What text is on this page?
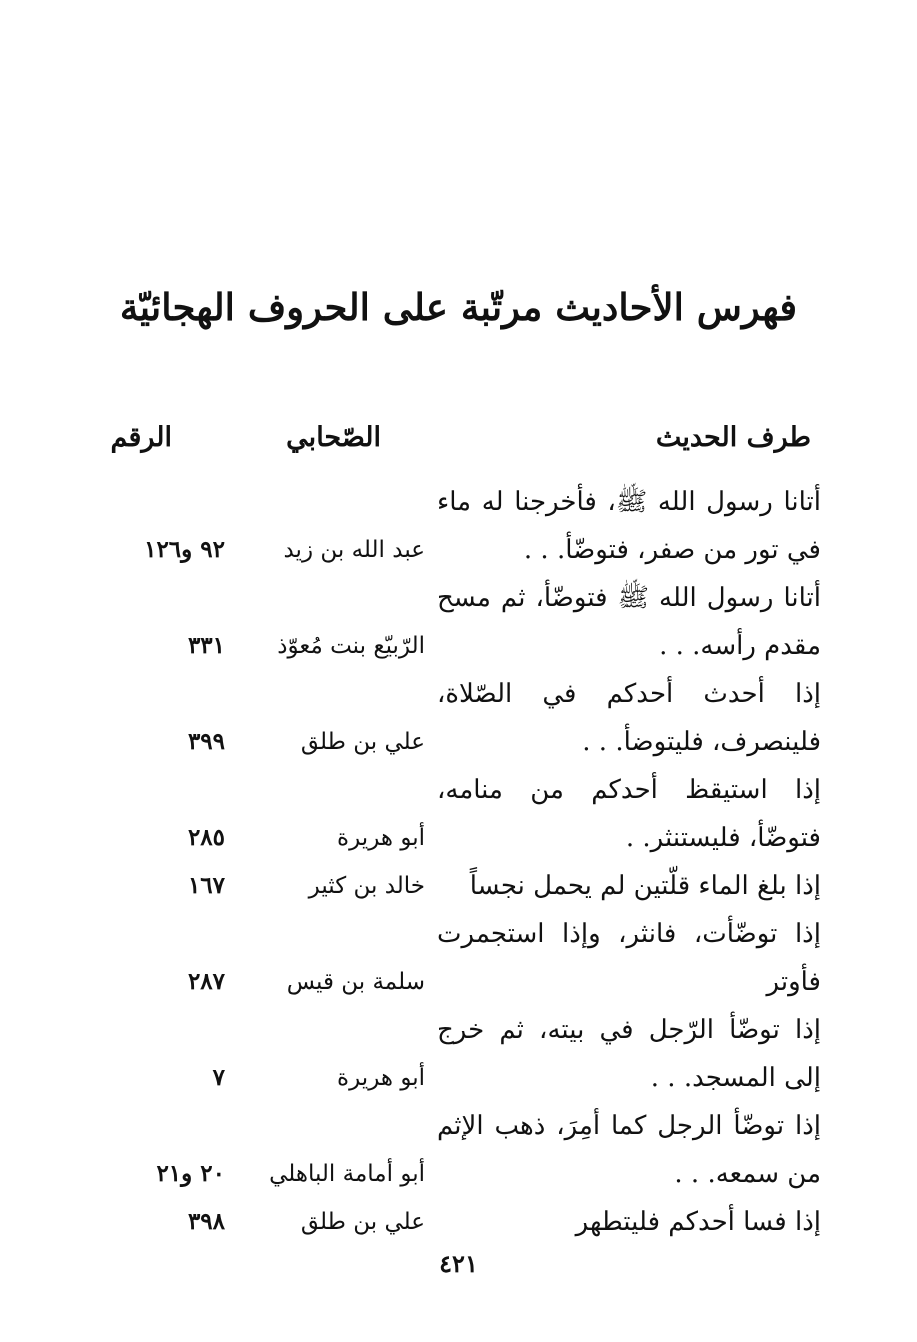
فهرس الأحاديث مرتّبة على الحروف الهجائيّة
طرف الحديث
الصّحابي
الرقم
أتانا رسول الله ﷺ، فأخرجنا له ماء في تور من صفر، فتوضّأ. . .
عبد الله بن زيد
٩٢ و١٢٦
أتانا رسول الله ﷺ فتوضّأ، ثم مسح مقدم رأسه. . .
الرّبيّع بنت مُعوّذ
٣٣١
إذا أحدث أحدكم في الصّلاة، فلينصرف، فليتوضأ. . .
علي بن طلق
٣٩٩
إذا استيقظ أحدكم من منامه، فتوضّأ، فليستنثر. .
أبو هريرة
٢٨٥
إذا بلغ الماء قلّتين لم يحمل نجساً
خالد بن كثير
١٦٧
إذا توضّأت، فانثر، وإذا استجمرت فأوتر
سلمة بن قيس
٢٨٧
إذا توضّأ الرّجل في بيته، ثم خرج إلى المسجد. . .
أبو هريرة
٧
إذا توضّأ الرجل كما أمِرَ، ذهب الإثم من سمعه. . .
أبو أمامة الباهلي
٢٠ و٢١
إذا فسا أحدكم فليتطهر
علي بن طلق
٣٩٨
٤٢١
